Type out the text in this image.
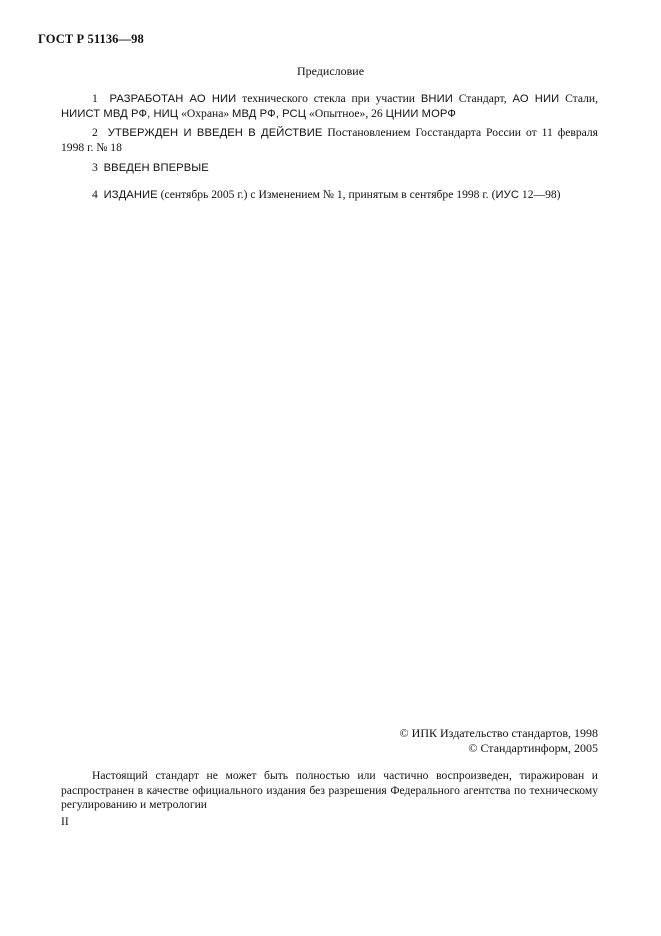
ГОСТ Р 51136—98
Предисловие
1 РАЗРАБОТАН АО НИИ технического стекла при участии ВНИИ Стандарт, АО НИИ Стали, НИИСТ МВД РФ, НИЦ «Охрана» МВД РФ, РСЦ «Опытное», 26 ЦНИИ МОРФ
2 УТВЕРЖДЕН И ВВЕДЕН В ДЕЙСТВИЕ Постановлением Госстандарта России от 11 февраля 1998 г. № 18
3 ВВЕДЕН ВПЕРВЫЕ
4 ИЗДАНИЕ (сентябрь 2005 г.) с Изменением № 1, принятым в сентябре 1998 г. (ИУС 12—98)
© ИПК Издательство стандартов, 1998
© Стандартинформ, 2005
Настоящий стандарт не может быть полностью или частично воспроизведен, тиражирован и распространен в качестве официального издания без разрешения Федерального агентства по техническому регулированию и метрологии
II
